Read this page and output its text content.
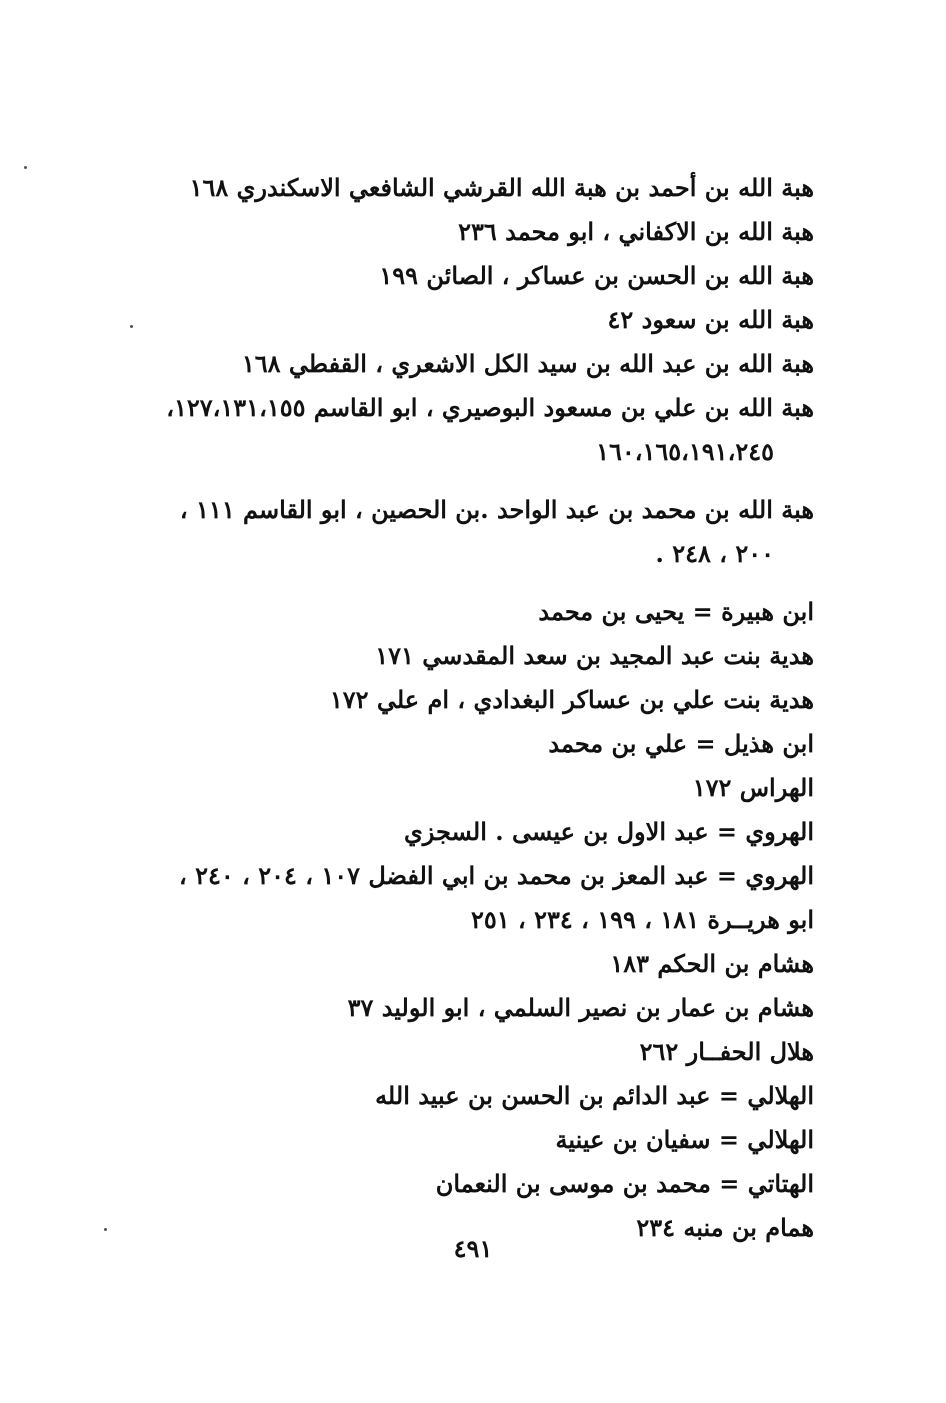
هبة الله بن أحمد بن هبة الله القرشي الشافعي الاسكندري ١٦٨

هبة الله بن الاكفاني ، ابو محمد ٢٣٦

هبة الله بن الحسن بن عساكر ، الصائن ١٩٩

هبة الله بن سعود ٤٢

هبة الله بن عبد الله بن سيد الكل الاشعري ، القفطي ١٦٨

هبة الله بن علي بن مسعود البوصيري ، ابو القاسم ١٢٧،١٣١،١٥٥،

١٦٠،١٦٥،١٩١،٢٤٥

هبة الله بن محمد بن عبد الواحد .بن الحصين ، ابو القاسم ١١١ ،

٢٠٠ ، ٢٤٨ .

ابن هبيرة = يحيى بن محمد

هدية بنت عبد المجيد بن سعد المقدسي ١٧١

هدية بنت علي بن عساكر البغدادي ، ام علي ١٧٢

ابن هذيل = علي بن محمد

الهراس ١٧٢

الهروي = عبد الاول بن عيسى . السجزي

الهروي = عبد المعز بن محمد بن ابي الفضل ١٠٧ ، ٢٠٤ ، ٢٤٠ ،

ابو هريــرة ١٨١ ، ١٩٩ ، ٢٣٤ ، ٢٥١

هشام بن الحكم ١٨٣

هشام بن عمار بن نصير السلمي ، ابو الوليد ٣٧

هلال الحفــار ٢٦٢

الهلالي = عبد الدائم بن الحسن بن عبيد الله

الهلالي = سفيان بن عينية

الهتاتي = محمد بن موسى بن النعمان

همام بن منبه ٢٣٤

٤٩١
